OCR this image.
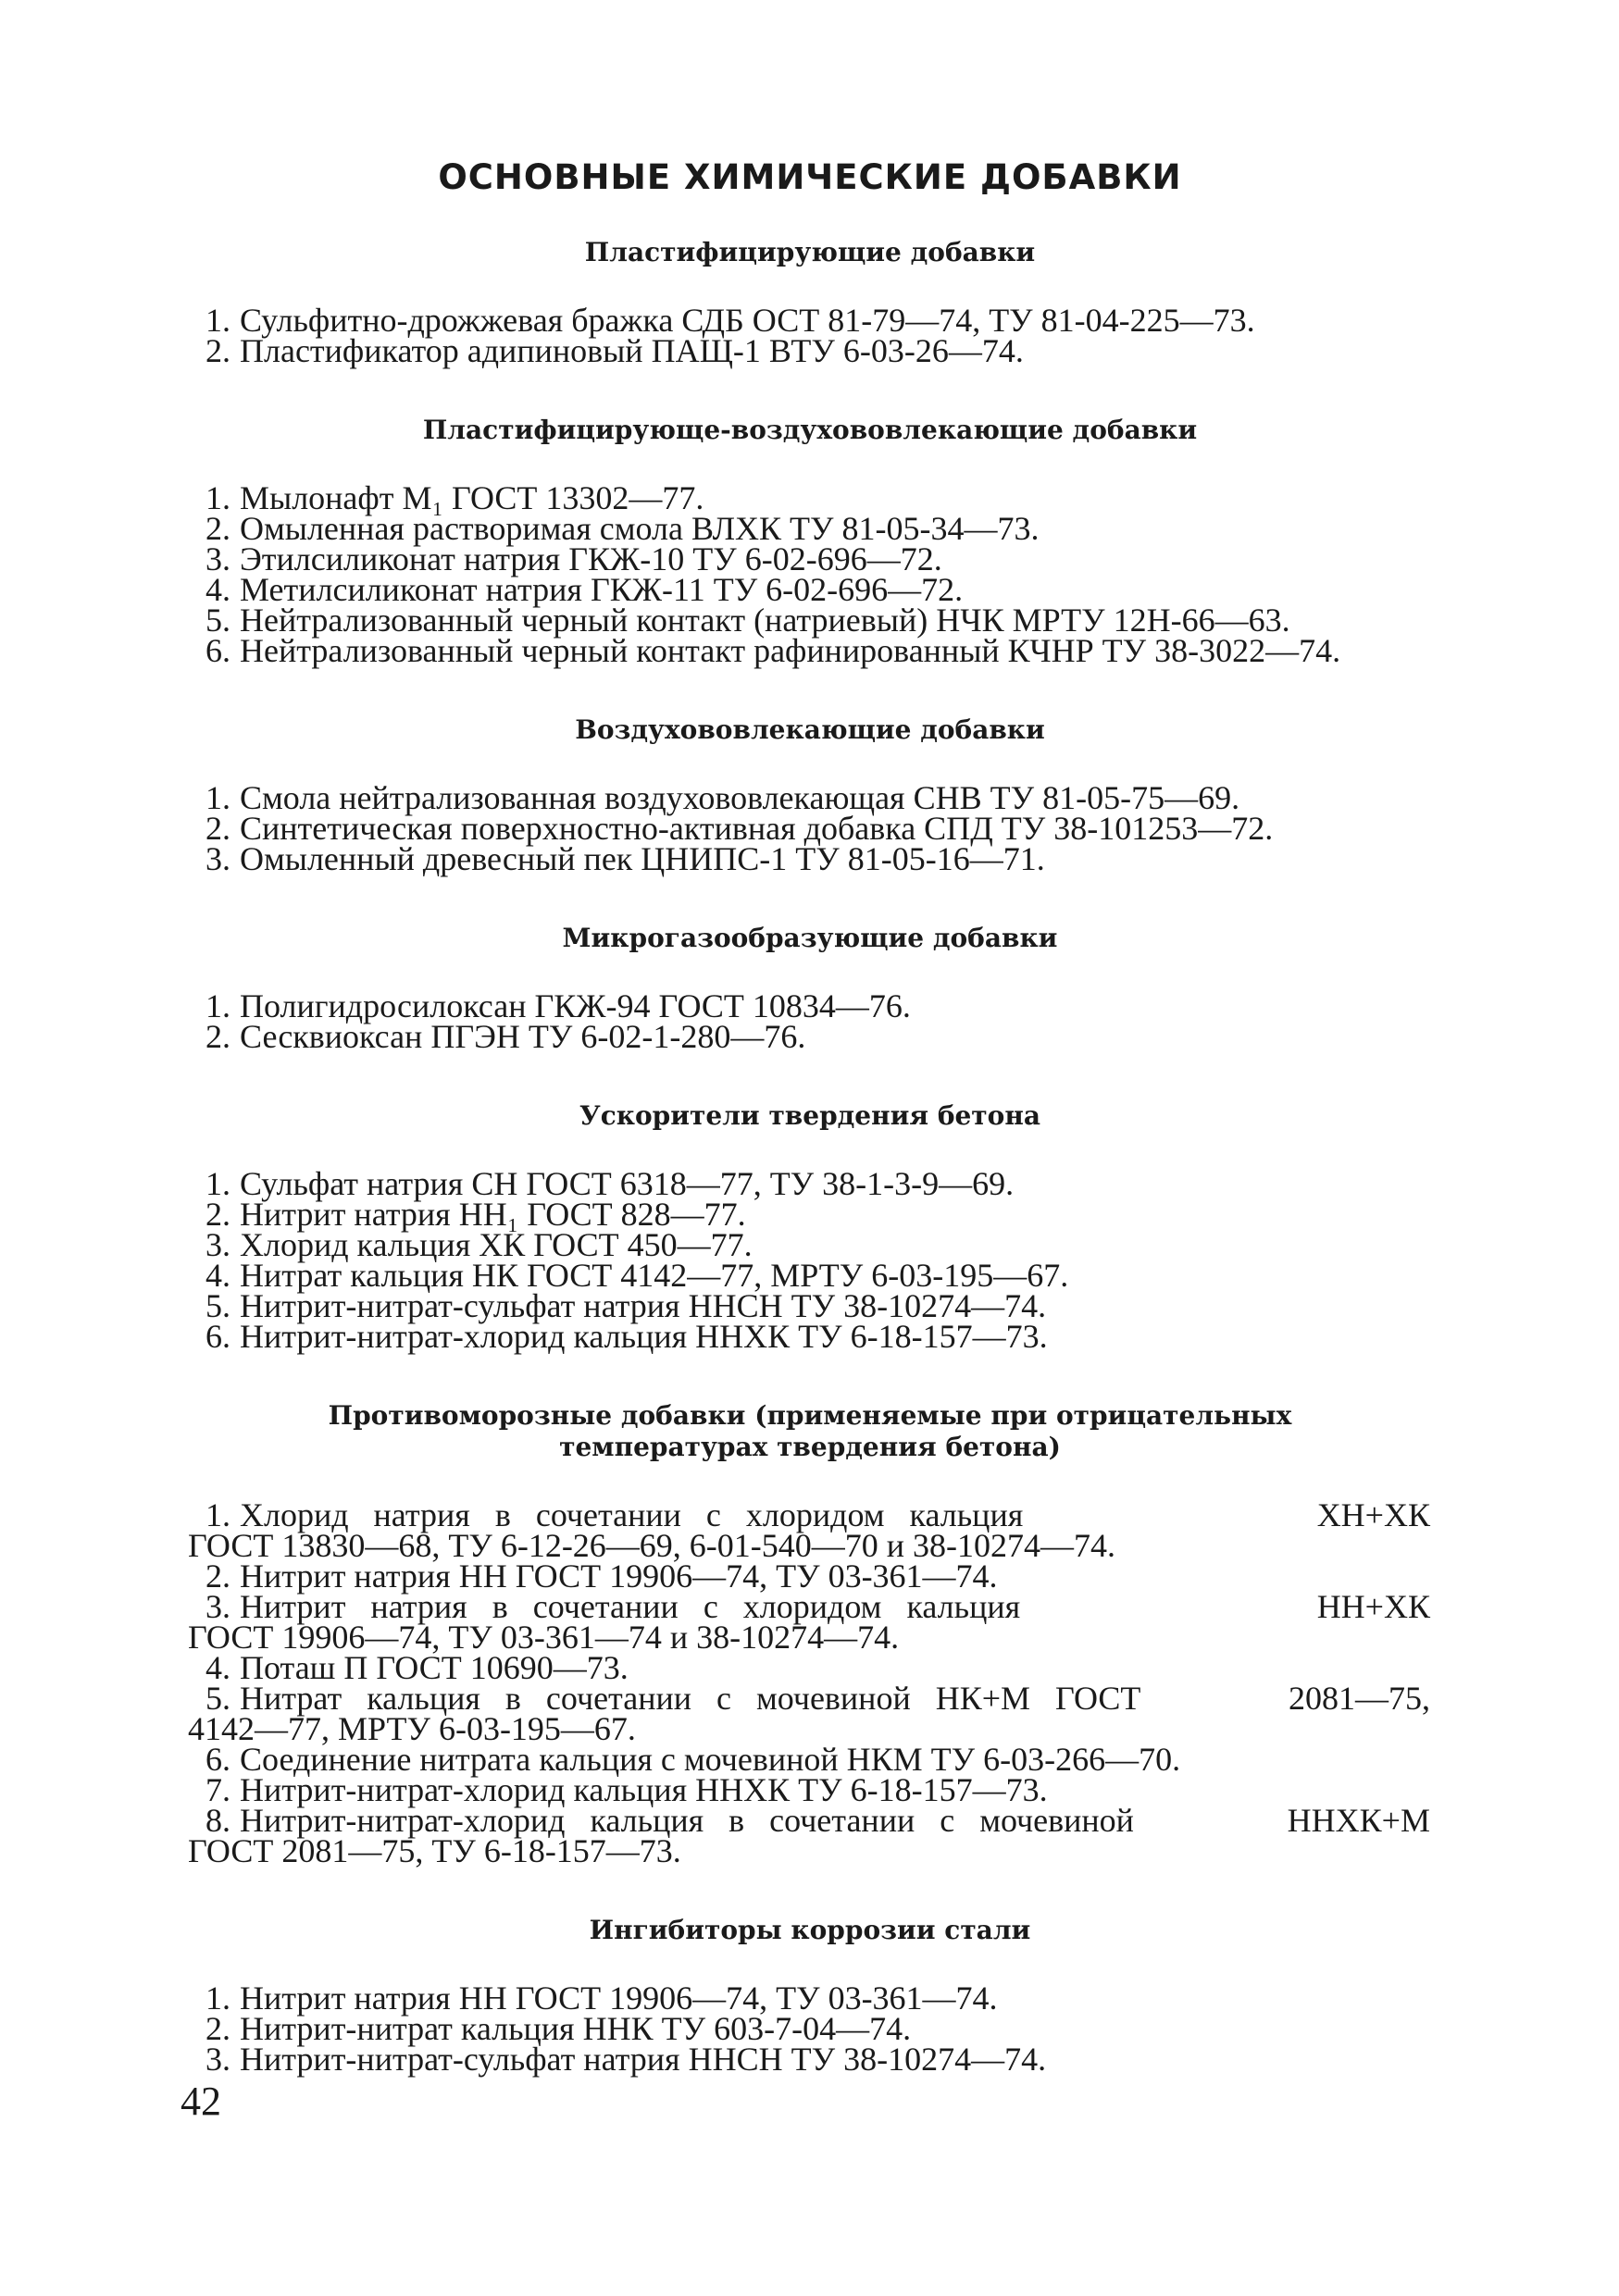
ОСНОВНЫЕ ХИМИЧЕСКИЕ ДОБАВКИ
Пластифицирующие добавки
1. Сульфитно-дрожжевая бражка СДБ ОСТ 81-79—74, ТУ 81-04-225—73.
2. Пластификатор адипиновый ПАЩ-1 ВТУ 6-03-26—74.
Пластифицирующе-воздухововлекающие добавки
1. Мылонафт М₁ ГОСТ 13302—77.
2. Омыленная растворимая смола ВЛХК ТУ 81-05-34—73.
3. Этилсиликонат натрия ГКЖ-10 ТУ 6-02-696—72.
4. Метилсиликонат натрия ГКЖ-11 ТУ 6-02-696—72.
5. Нейтрализованный черный контакт (натриевый) НЧК МРТУ 12Н-66—63.
6. Нейтрализованный черный контакт рафинированный КЧНР ТУ 38-3022—74.
Воздухововлекающие добавки
1. Смола нейтрализованная воздухововлекающая СНВ ТУ 81-05-75—69.
2. Синтетическая поверхностно-активная добавка СПД ТУ 38-101253—72.
3. Омыленный древесный пек ЦНИПС-1 ТУ 81-05-16—71.
Микрогазообразующие добавки
1. Полигидросилоксан ГКЖ-94 ГОСТ 10834—76.
2. Сесквиоксан ПГЭН ТУ 6-02-1-280—76.
Ускорители твердения бетона
1. Сульфат натрия СН ГОСТ 6318—77, ТУ 38-1-3-9—69.
2. Нитрит натрия НН₁ ГОСТ 828—77.
3. Хлорид кальция ХК ГОСТ 450—77.
4. Нитрат кальция НК ГОСТ 4142—77, МРТУ 6-03-195—67.
5. Нитрит-нитрат-сульфат натрия ННСН ТУ 38-10274—74.
6. Нитрит-нитрат-хлорид кальция ННХК ТУ 6-18-157—73.
Противоморозные добавки (применяемые при отрицательных температурах твердения бетона)
1. Хлорид натрия в сочетании с хлоридом кальция	ХН+ХК
ГОСТ 13830—68, ТУ 6-12-26—69, 6-01-540—70 и 38-10274—74.
2. Нитрит натрия НН ГОСТ 19906—74, ТУ 03-361—74.
3. Нитрит натрия в сочетании с хлоридом кальция	НН+ХК
ГОСТ 19906—74, ТУ 03-361—74 и 38-10274—74.
4. Поташ П ГОСТ 10690—73.
5. Нитрат кальция в сочетании с мочевиной НК+М ГОСТ	2081—75,
4142—77, МРТУ 6-03-195—67.
6. Соединение нитрата кальция с мочевиной НКМ ТУ 6-03-266—70.
7. Нитрит-нитрат-хлорид кальция ННХК ТУ 6-18-157—73.
8. Нитрит-нитрат-хлорид кальция в сочетании с мочевиной	ННХК+М
ГОСТ 2081—75, ТУ 6-18-157—73.
Ингибиторы коррозии стали
1. Нитрит натрия НН ГОСТ 19906—74, ТУ 03-361—74.
2. Нитрит-нитрат кальция ННК ТУ 603-7-04—74.
3. Нитрит-нитрат-сульфат натрия ННСН ТУ 38-10274—74.
42
